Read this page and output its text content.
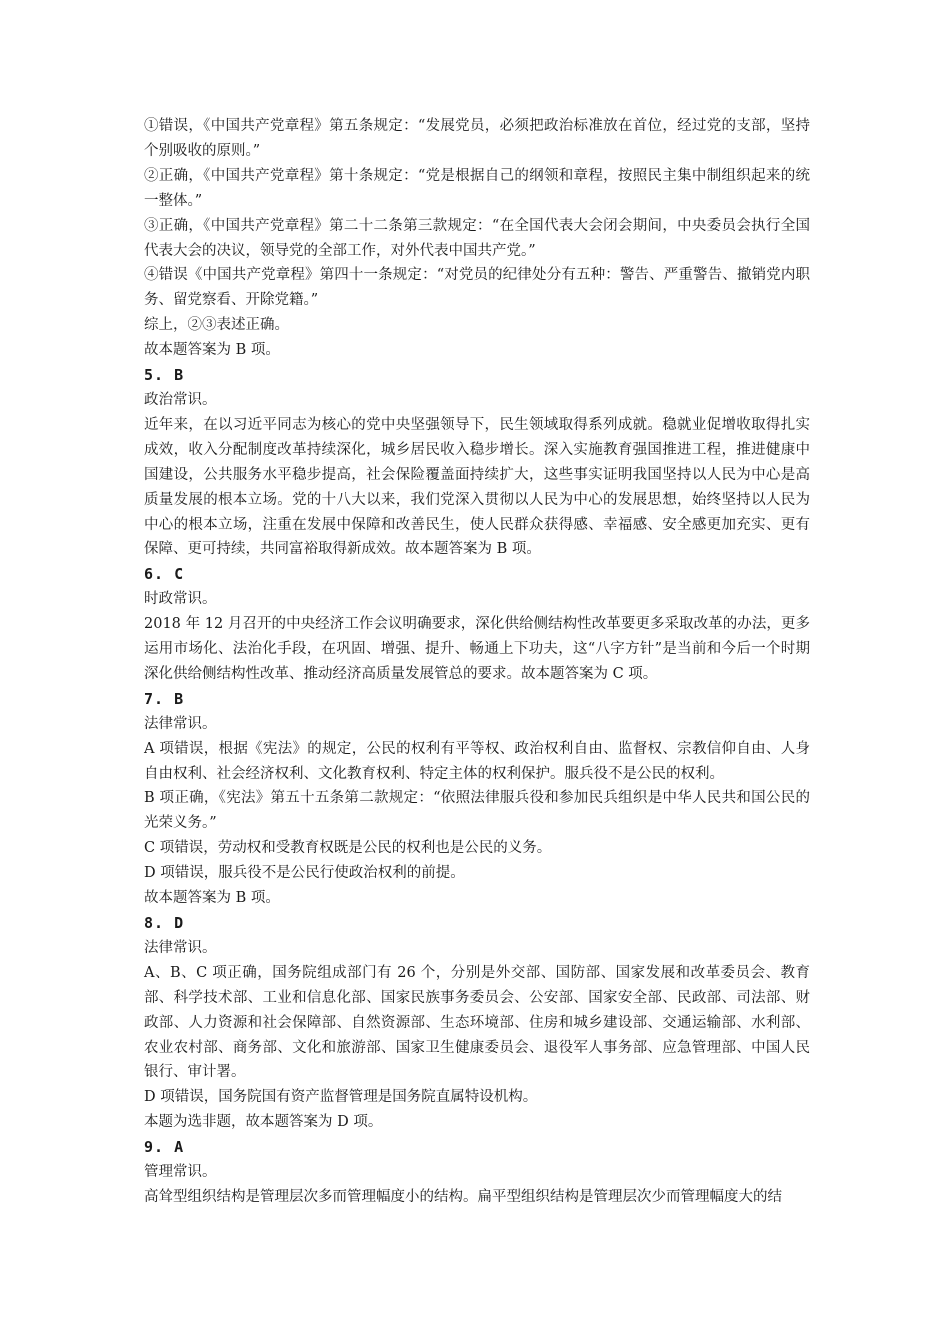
①错误，《中国共产党章程》第五条规定：“发展党员，必须把政治标准放在首位，经过党的支部，坚持个别吸收的原则。”

②正确，《中国共产党章程》第十条规定：“党是根据自己的纲领和章程，按照民主集中制组织起来的统一整体。”

③正确，《中国共产党章程》第二十二条第三款规定：“在全国代表大会闭会期间，中央委员会执行全国代表大会的决议，领导党的全部工作，对外代表中国共产党。”

④错误《中国共产党章程》第四十一条规定：“对党员的纪律处分有五种：警告、严重警告、撤销党内职务、留党察看、开除党籍。”

综上，②③表述正确。

故本题答案为 B 项。

5. B

政治常识。

近年来，在以习近平同志为核心的党中央坚强领导下，民生领域取得系列成就。稳就业促增收取得扎实成效，收入分配制度改革持续深化，城乡居民收入稳步增长。深入实施教育强国推进工程，推进健康中国建设，公共服务水平稳步提高，社会保险覆盖面持续扩大，这些事实证明我国坚持以人民为中心是高质量发展的根本立场。党的十八大以来，我们党深入贯彻以人民为中心的发展思想，始终坚持以人民为中心的根本立场，注重在发展中保障和改善民生，使人民群众获得感、幸福感、安全感更加充实、更有保障、更可持续，共同富裕取得新成效。故本题答案为 B 项。

6. C

时政常识。

2018 年 12 月召开的中央经济工作会议明确要求，深化供给侧结构性改革要更多采取改革的办法，更多运用市场化、法治化手段，在巩固、增强、提升、畅通上下功夫，这“八字方针”是当前和今后一个时期深化供给侧结构性改革、推动经济高质量发展管总的要求。故本题答案为 C 项。

7. B

法律常识。

A 项错误，根据《宪法》的规定，公民的权利有平等权、政治权利自由、监督权、宗教信仰自由、人身自由权利、社会经济权利、文化教育权利、特定主体的权利保护。服兵役不是公民的权利。

B 项正确，《宪法》第五十五条第二款规定：“依照法律服兵役和参加民兵组织是中华人民共和国公民的光荣义务。”

C 项错误，劳动权和受教育权既是公民的权利也是公民的义务。

D 项错误，服兵役不是公民行使政治权利的前提。

故本题答案为 B 项。

8. D

法律常识。

A、B、C 项正确，国务院组成部门有 26 个，分别是外交部、国防部、国家发展和改革委员会、教育部、科学技术部、工业和信息化部、国家民族事务委员会、公安部、国家安全部、民政部、司法部、财政部、人力资源和社会保障部、自然资源部、生态环境部、住房和城乡建设部、交通运输部、水利部、农业农村部、商务部、文化和旅游部、国家卫生健康委员会、退役军人事务部、应急管理部、中国人民银行、审计署。

D 项错误，国务院国有资产监督管理是国务院直属特设机构。

本题为选非题，故本题答案为 D 项。

9. A

管理常识。

高耸型组织结构是管理层次多而管理幅度小的结构。扁平型组织结构是管理层次少而管理幅度大的结
